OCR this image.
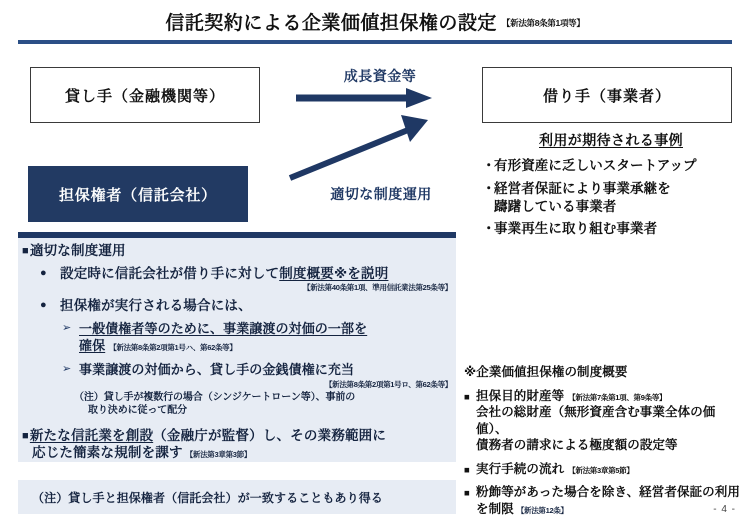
信託契約による企業価値担保権の設定 【新法第8条第1項等】
貸し手（金融機関等）	借り手（事業者）
担保権者（信託会社）
成長資金等
適切な制度運用
利用が期待される事例
・
有形資産に乏しいスタートアップ
・
経営者保証により事業承継を
躊躇している事業者
・
事業再生に取り組む事業者
■適切な制度運用
● 設定時に信託会社が借り手に対して制度概要※を説明
【新法第40条第1項、準用信託業法第25条等】
● 担保権が実行される場合には、
➢ 一般債権者等のために、事業譲渡の対価の一部を
確保 【新法第8条第2項第1号ハ、第62条等】
➢ 事業譲渡の対価から、貸し手の金銭債権に充当
【新法第8条第2項第1号ロ、第62条等】
（注）貸し手が複数行の場合（シンジケートローン等）、事前の
取り決めに従って配分
■新たな信託業を創設（金融庁が監督）し、その業務範囲に
応じた簡素な規制を課す 【新法第3章第3節】
（注）貸し手と担保権者（信託会社）が一致することもあり得る
※企業価値担保権の制度概要
■ 担保目的財産等 【新法第7条第1項、第9条等】
会社の総財産（無形資産含む事業全体の価値）、
債務者の請求による極度額の設定等
■ 実行手続の流れ 【新法第3章第5節】
■ 粉飾等があった場合を除き、経営者保証の利用
を制限 【新法第12条】	- 4 -
